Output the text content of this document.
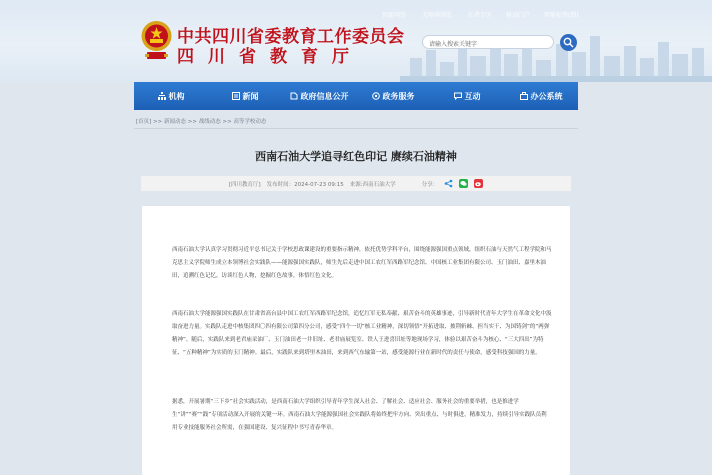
中共四川省委教育工作委员会
四川省教育厅
智能问答	无障碍浏览	长者专区	移动门户	智能标签(搜)
请输入搜索关键字
机构	新闻	政府信息公开	政务服务	互动	办公系统
[首页] >> 新闻动态 >> 战线动态 >> 高等学校动态
西南石油大学追寻红色印记 赓续石油精神
[四川教育厅] 发布时间：2024-07-23 09:15 来源:西南石油大学	分享：

西南石油大学认真学习贯彻习近平总书记关于学校思政课建设的重要指示精神，依托优势学科平台，围绕能源强国重点领域，组织石油与天然气工程学院和马克思主义学院师生成立本领博社会实践队——能源强国实践队，师生先后走进中国工农红军西路军纪念馆、中国核工业集团有限公司、玉门油田、嘉里木油田，追溯红色记忆，访谈红色人物，挖掘红色故事，体悟红色文化。

西南石油大学能源强国实践队在甘肃省高台县中国工农红军西路军纪念馆，追忆红军无私奉献、艰苦奋斗的英雄事迹，引导新时代青年大学生在革命文化中汲取奋进力量。实践队走进中核集团四〇四有限公司第四分公司，感受“四个一切”核工业精神，深切领悟“开拓进取、披荆斩棘、担当实干、为国铸剑”的“两弹精神”。随后，实践队来到老君庙采油厂、玉门油田老一井旧址、老君庙展览室、铁人王进喜旧址等地现场学习，体验以艰苦奋斗为核心、“三大四出”为特征、“五种精神”为实质的玉门精神。最后，实践队来到塔里木油田，来到西气东输第一站，感受能源行业在新时代的责任与使命，感受科技强国的力量。

据悉，开展暑期“三下乡”社会实践活动，是西南石油大学组织引导青年学生深入社会、了解社会、适应社会、服务社会的重要举措，也是推进学生“讲”“赛”“践”专项活动深入开展的关键一环。西南石油大学能源强国社会实践队将始终把牢方向、突出重点、与时俱进，精准发力，持续引导实践队员利用专业技能服务社会所需，在强国建设、复兴征程中书写青春华章。
